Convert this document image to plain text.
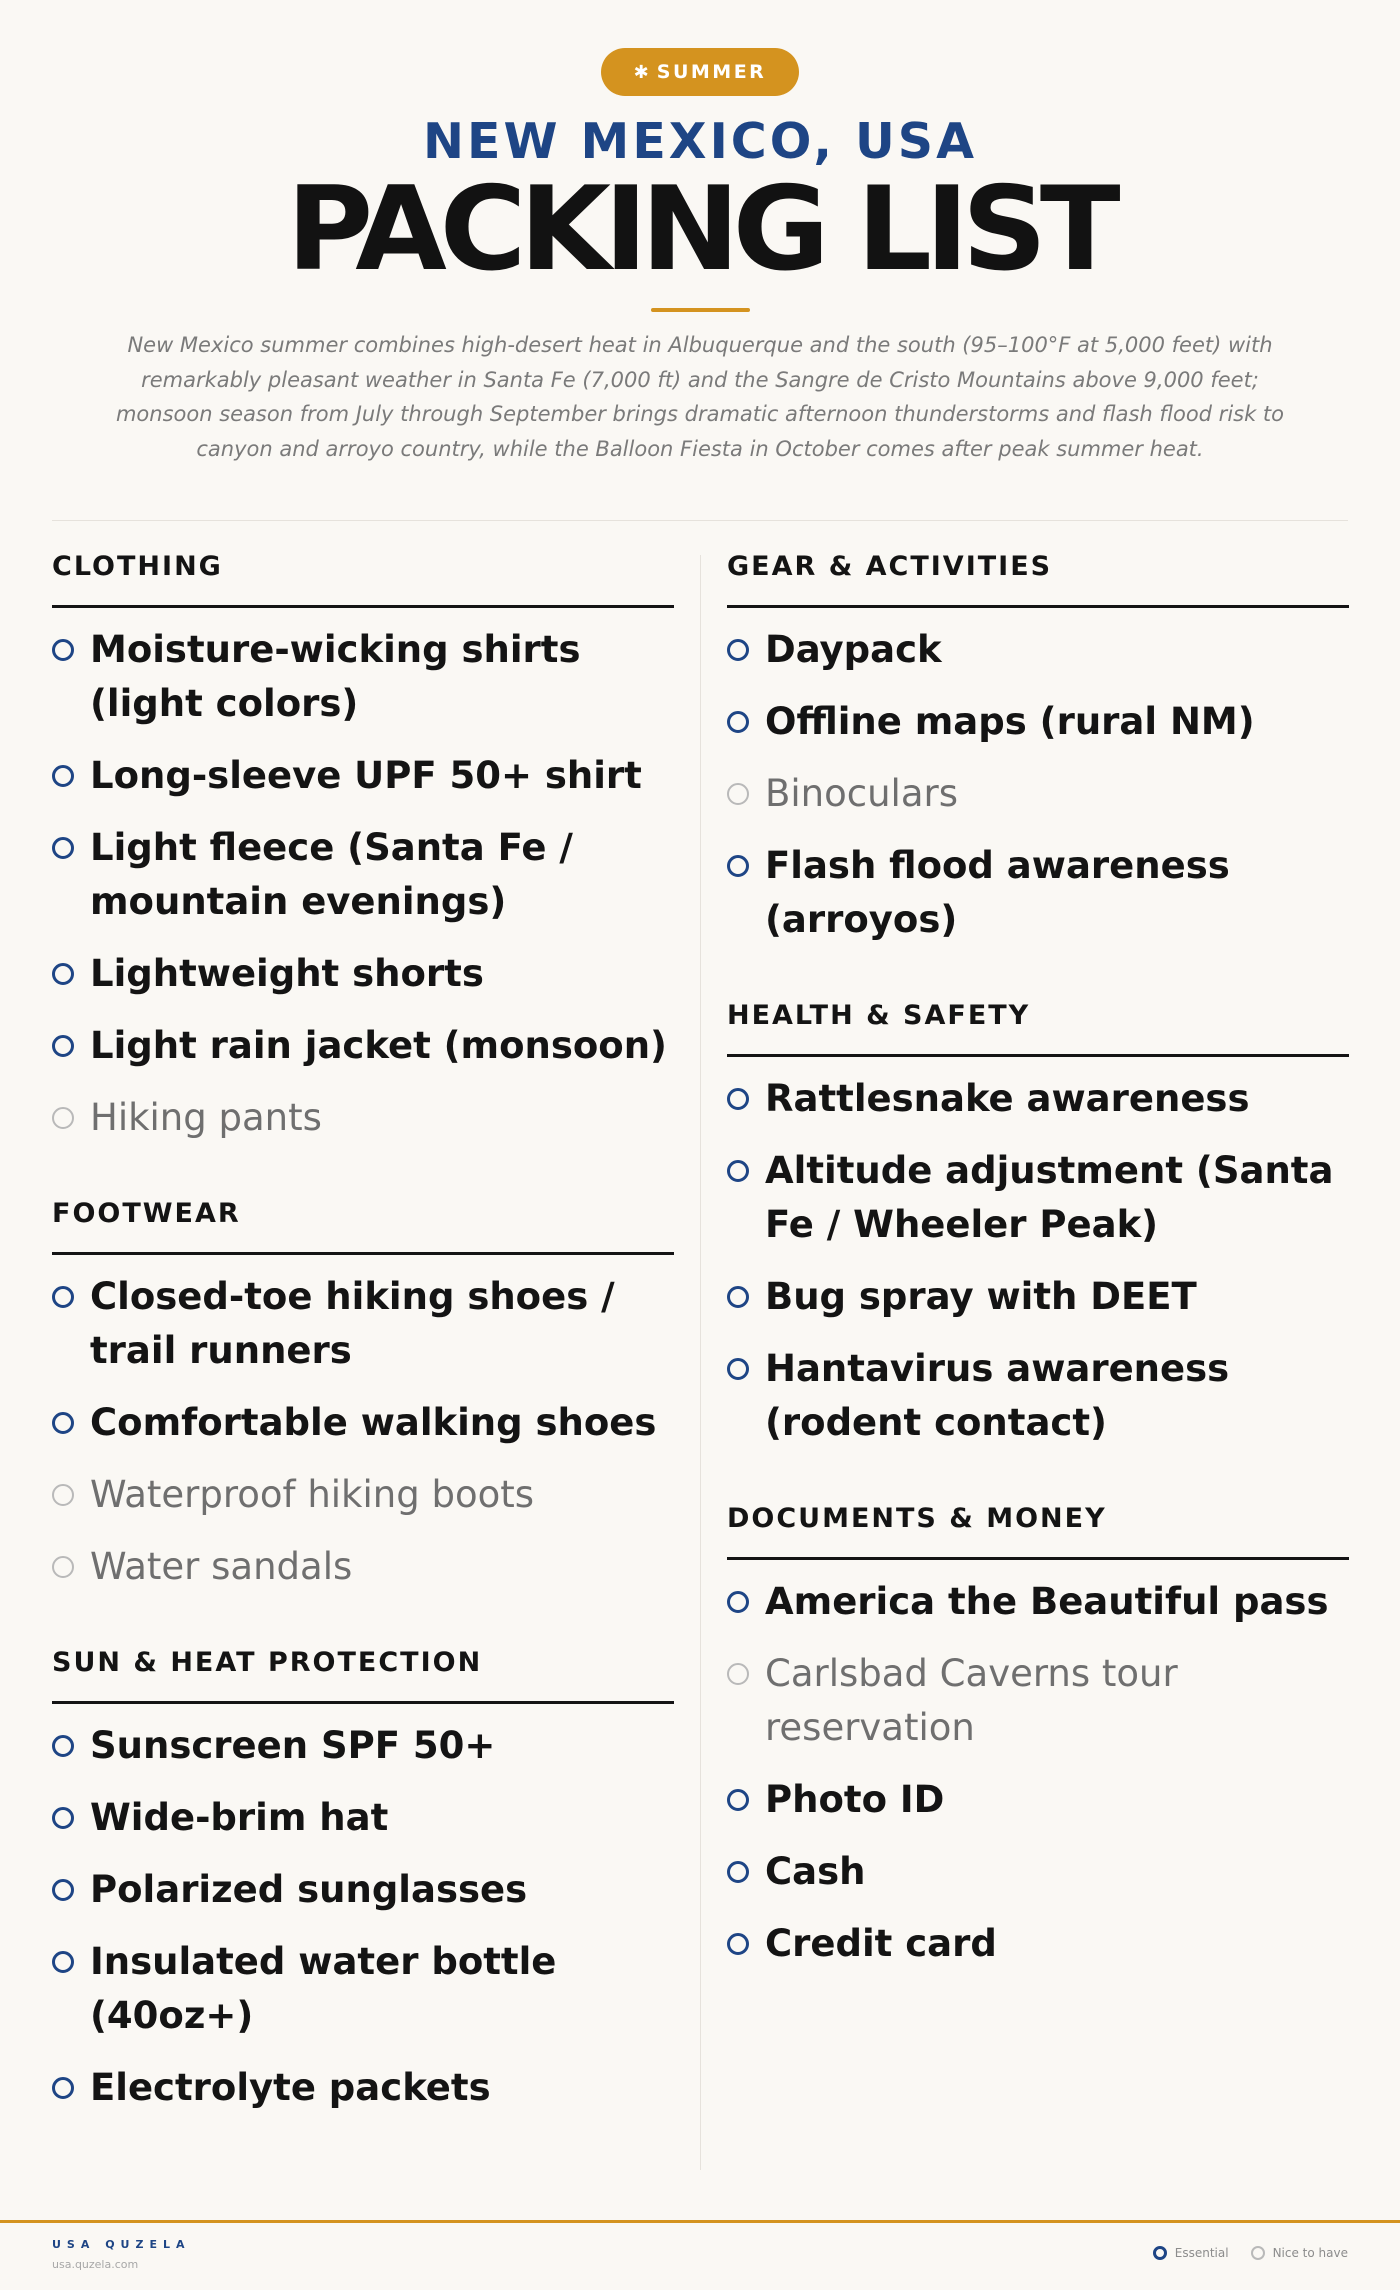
✱ SUMMER
NEW MEXICO, USA
PACKING LIST

New Mexico summer combines high-desert heat in Albuquerque and the south (95–100°F at 5,000 feet) with remarkably pleasant weather in Santa Fe (7,000 ft) and the Sangre de Cristo Mountains above 9,000 feet; monsoon season from July through September brings dramatic afternoon thunderstorms and flash flood risk to canyon and arroyo country, while the Balloon Fiesta in October comes after peak summer heat.

CLOTHING
Moisture-wicking shirts (light colors)
Long-sleeve UPF 50+ shirt
Light fleece (Santa Fe / mountain evenings)
Lightweight shorts
Light rain jacket (monsoon)
Hiking pants
FOOTWEAR
Closed-toe hiking shoes / trail runners
Comfortable walking shoes
Waterproof hiking boots
Water sandals
SUN & HEAT PROTECTION
Sunscreen SPF 50+
Wide-brim hat
Polarized sunglasses
Insulated water bottle (40oz+)
Electrolyte packets
GEAR & ACTIVITIES
Daypack
Offline maps (rural NM)
Binoculars
Flash flood awareness (arroyos)
HEALTH & SAFETY
Rattlesnake awareness
Altitude adjustment (Santa Fe / Wheeler Peak)
Bug spray with DEET
Hantavirus awareness (rodent contact)
DOCUMENTS & MONEY
America the Beautiful pass
Carlsbad Caverns tour reservation
Photo ID
Cash
Credit card
USA QUZELA
usa.quzela.com
Essential	Nice to have
